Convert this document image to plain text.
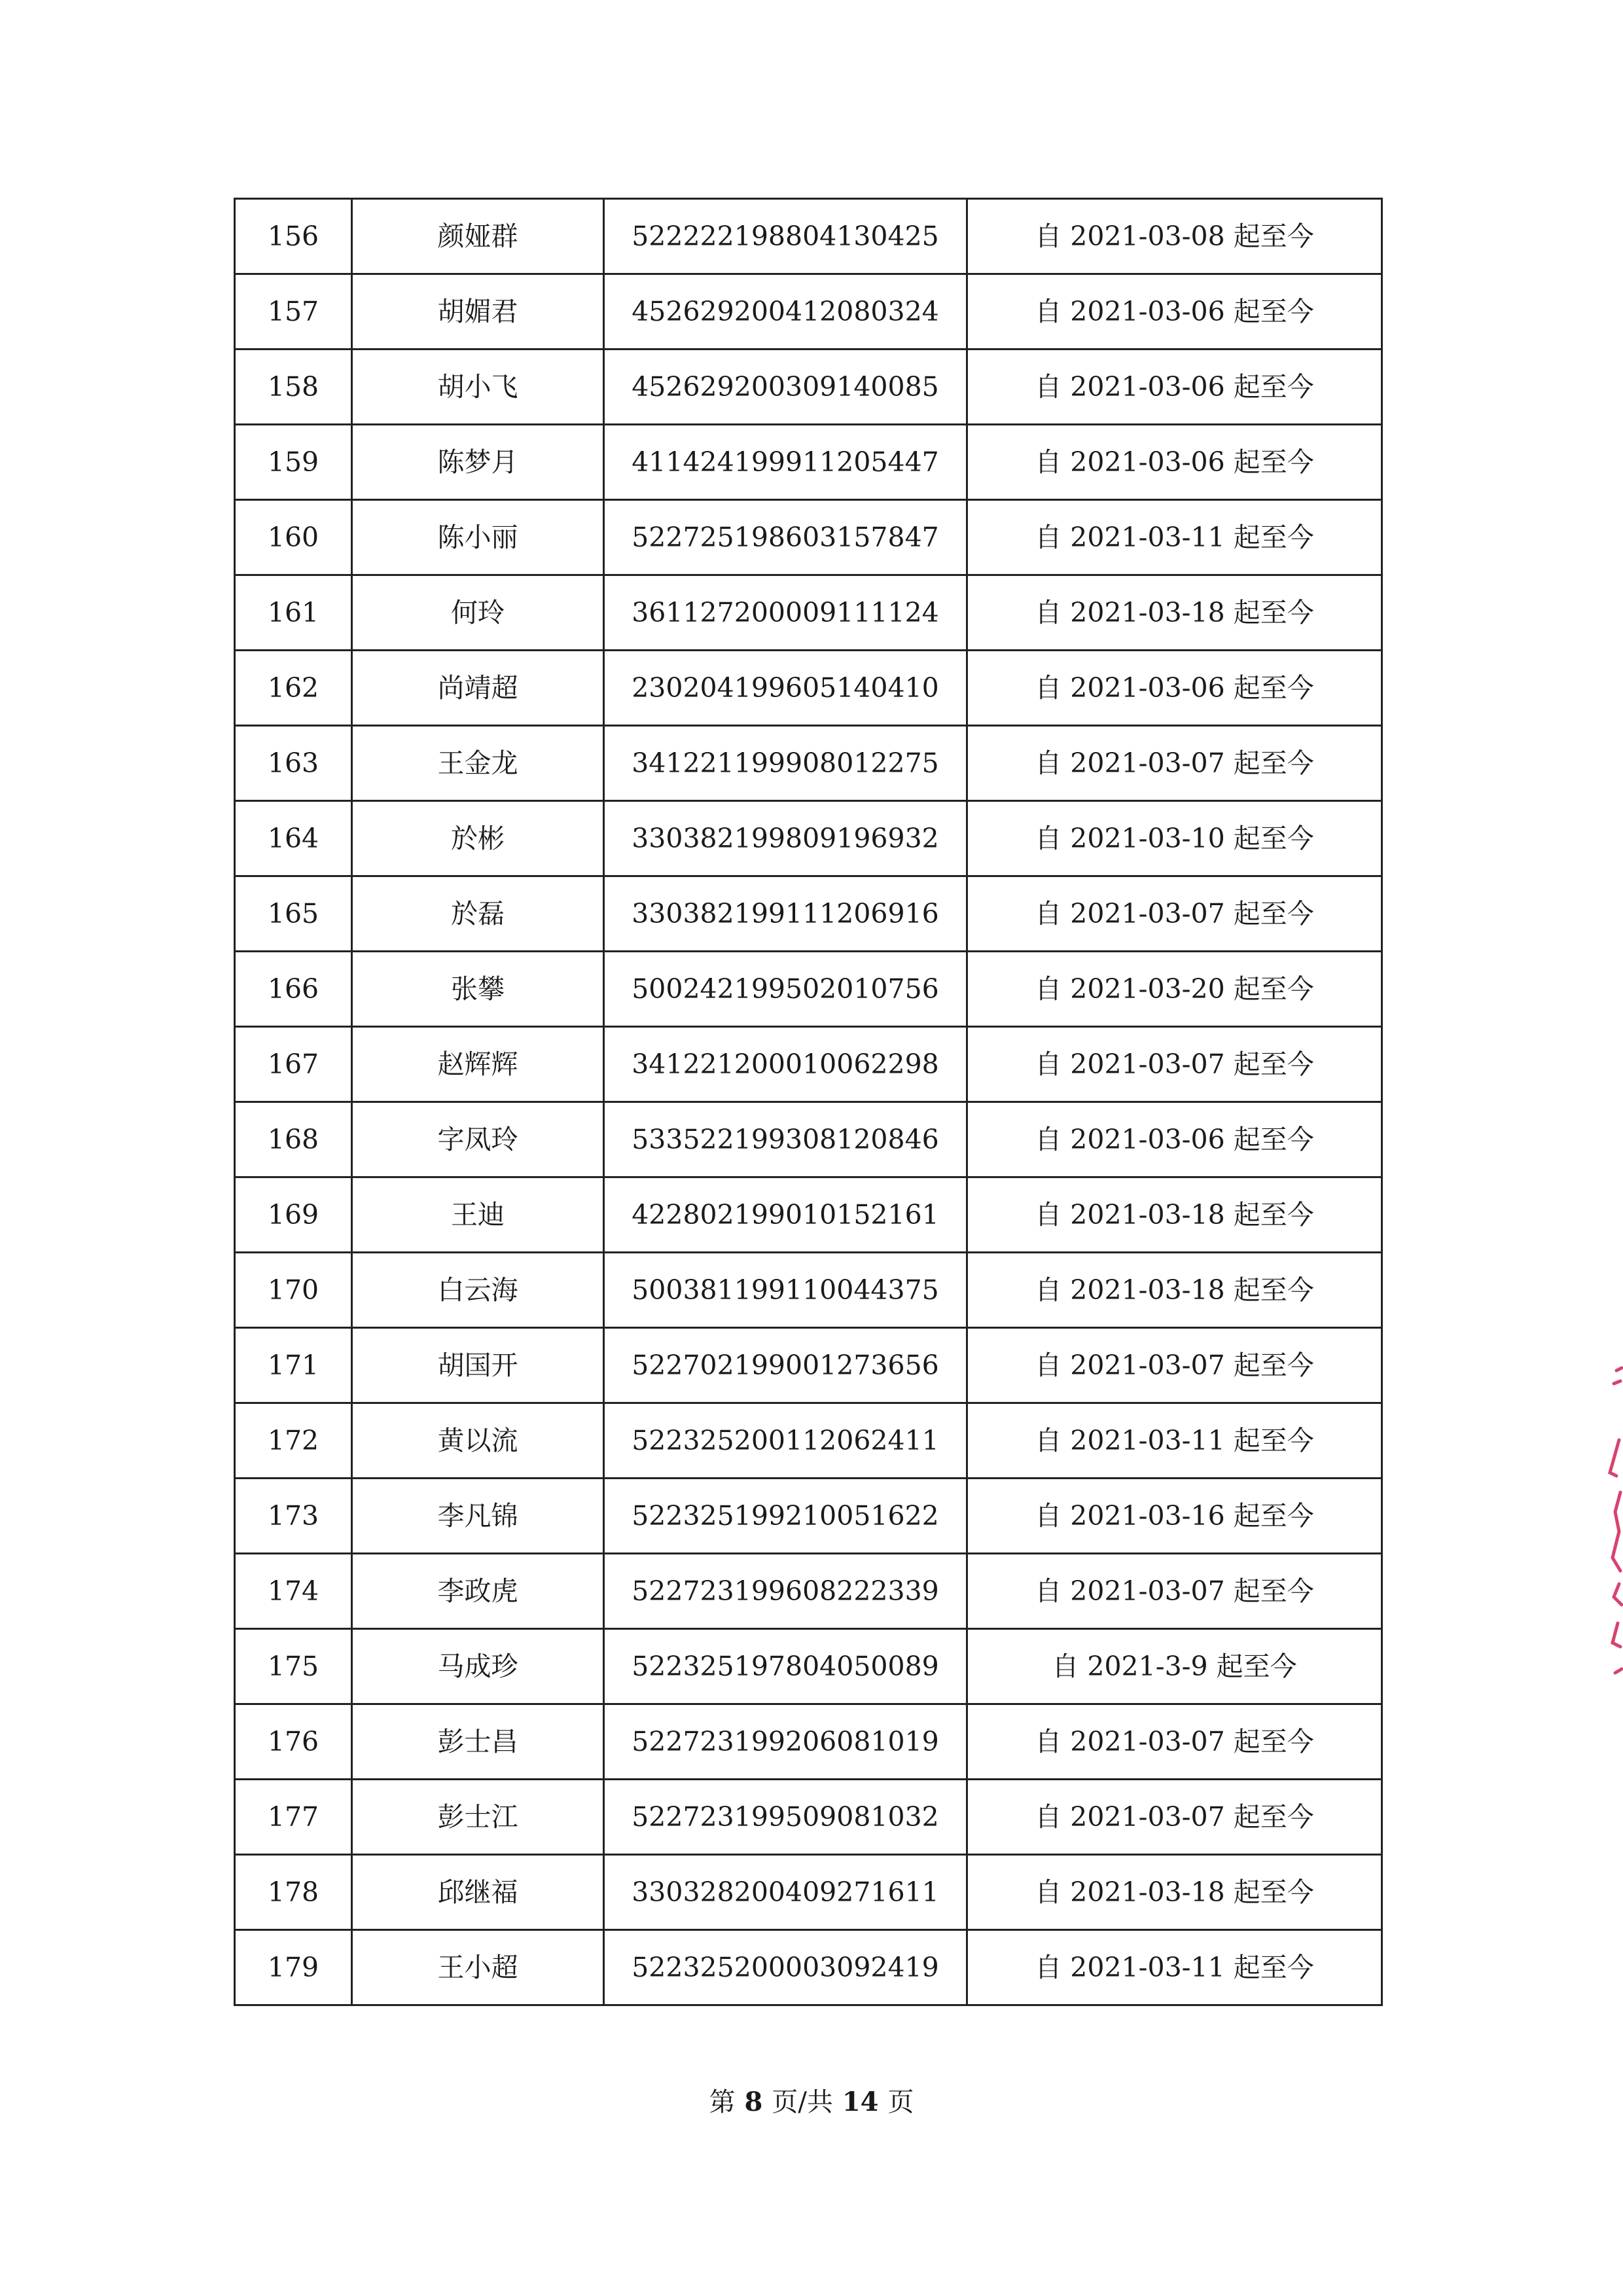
156	颜娅群	522222198804130425	自 2021-03-08 起至今
157	胡媚君	452629200412080324	自 2021-03-06 起至今
158	胡小飞	452629200309140085	自 2021-03-06 起至今
159	陈梦月	411424199911205447	自 2021-03-06 起至今
160	陈小丽	522725198603157847	自 2021-03-11 起至今
161	何玲	361127200009111124	自 2021-03-18 起至今
162	尚靖超	230204199605140410	自 2021-03-06 起至今
163	王金龙	341221199908012275	自 2021-03-07 起至今
164	於彬	330382199809196932	自 2021-03-10 起至今
165	於磊	330382199111206916	自 2021-03-07 起至今
166	张攀	500242199502010756	自 2021-03-20 起至今
167	赵辉辉	341221200010062298	自 2021-03-07 起至今
168	字凤玲	533522199308120846	自 2021-03-06 起至今
169	王迪	422802199010152161	自 2021-03-18 起至今
170	白云海	500381199110044375	自 2021-03-18 起至今
171	胡国开	522702199001273656	自 2021-03-07 起至今
172	黄以流	522325200112062411	自 2021-03-11 起至今
173	李凡锦	522325199210051622	自 2021-03-16 起至今
174	李政虎	522723199608222339	自 2021-03-07 起至今
175	马成珍	522325197804050089	自 2021-3-9 起至今
176	彭士昌	522723199206081019	自 2021-03-07 起至今
177	彭士江	522723199509081032	自 2021-03-07 起至今
178	邱继福	330328200409271611	自 2021-03-18 起至今
179	王小超	522325200003092419	自 2021-03-11 起至今
第 8 页/共 14 页
